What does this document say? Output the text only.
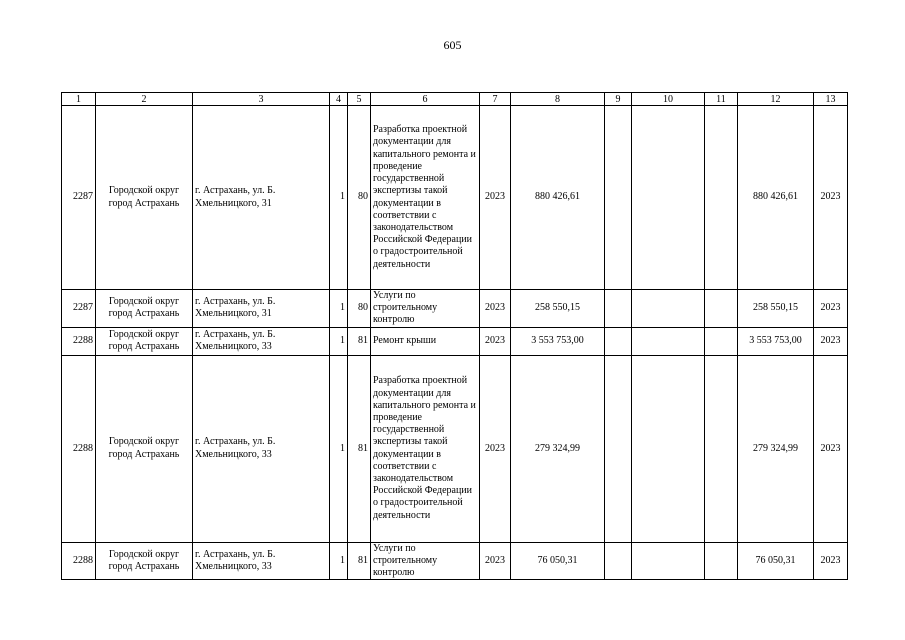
605
1	2	3	4	5	6	7	8	9	10	11	12	13
2287	Городской округ город Астрахань	г. Астрахань, ул. Б. Хмельницкого, 31	1	80	Разработка проектной документации для капитального ремонта и проведение государственной экспертизы такой документации в соответствии с законодательством Российской Федерации о градостроительной деятельности	2023	880 426,61				880 426,61	2023
2287	Городской округ город Астрахань	г. Астрахань, ул. Б. Хмельницкого, 31	1	80	Услуги по строительному контролю	2023	258 550,15				258 550,15	2023
2288	Городской округ город Астрахань	г. Астрахань, ул. Б. Хмельницкого, 33	1	81	Ремонт крыши	2023	3 553 753,00				3 553 753,00	2023
2288	Городской округ город Астрахань	г. Астрахань, ул. Б. Хмельницкого, 33	1	81	Разработка проектной документации для капитального ремонта и проведение государственной экспертизы такой документации в соответствии с законодательством Российской Федерации о градостроительной деятельности	2023	279 324,99				279 324,99	2023
2288	Городской округ город Астрахань	г. Астрахань, ул. Б. Хмельницкого, 33	1	81	Услуги по строительному контролю	2023	76 050,31				76 050,31	2023
